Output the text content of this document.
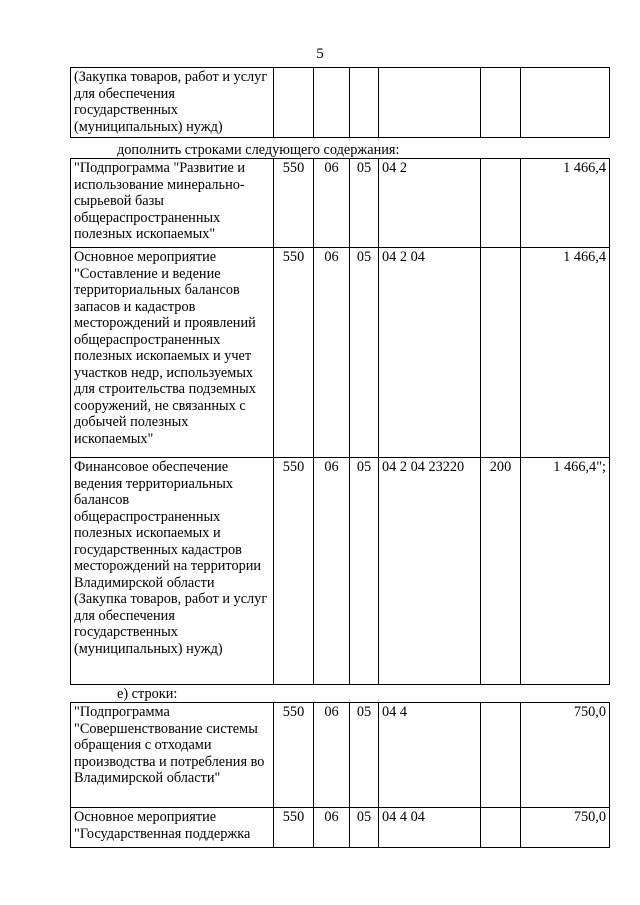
5
(Закупка товаров, работ и услуг для обеспечения государственных (муниципальных) нужд)						
дополнить строками следующего содержания:
"Подпрограмма "Развитие и использование минерально-сырьевой базы общераспространенных полезных ископаемых"	550	06	05	04 2		1 466,4
Основное мероприятие "Составление и ведение территориальных балансов запасов и кадастров месторождений и проявлений общераспространенных полезных ископаемых и учет участков недр, используемых для строительства подземных сооружений, не связанных с добычей полезных ископаемых"	550	06	05	04 2 04		1 466,4
Финансовое обеспечение ведения территориальных балансов общераспространенных полезных ископаемых и государственных кадастров месторождений на территории Владимирской области (Закупка товаров, работ и услуг для обеспечения государственных (муниципальных) нужд)	550	06	05	04 2 04 23220	200	1 466,4";
е) строки:
"Подпрограмма "Совершенствование системы обращения с отходами производства и потребления во Владимирской области"	550	06	05	04 4		750,0
Основное мероприятие "Государственная поддержка	550	06	05	04 4 04		750,0
